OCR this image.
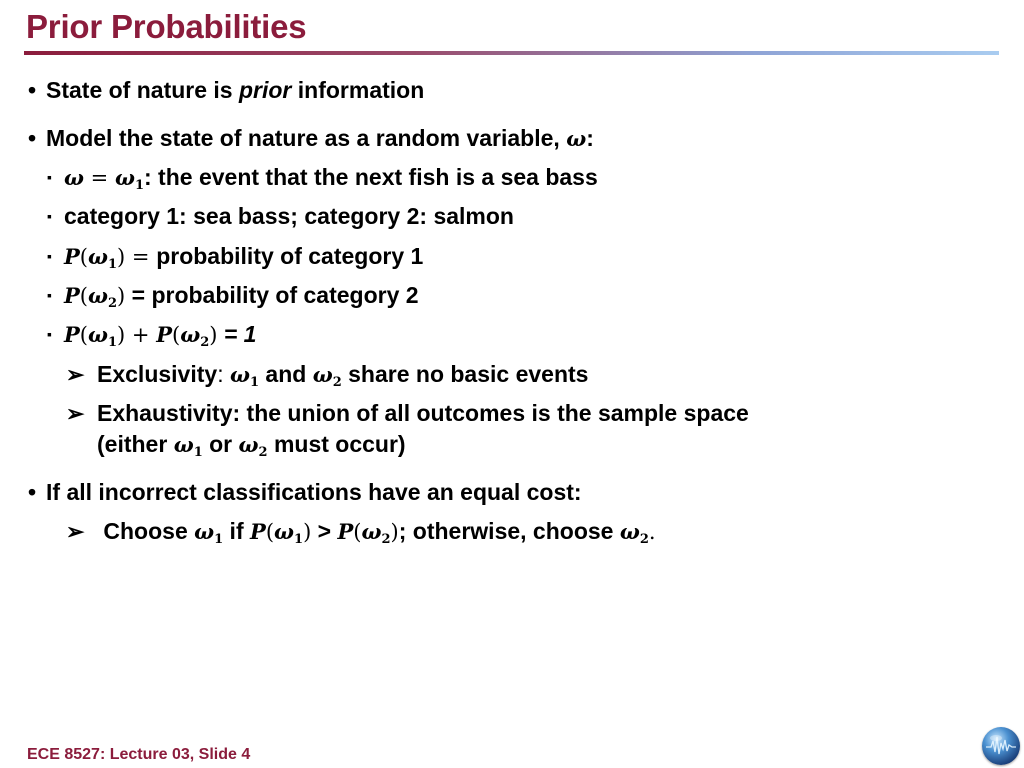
Prior Probabilities
• State of nature is prior information
• Model the state of nature as a random variable, ω:
▪ $\omega = \omega_1$: the event that the next fish is a sea bass
▪ category 1: sea bass; category 2: salmon
▪ $P(\omega_1)$ = probability of category 1
▪ $P(\omega_2)$ = probability of category 2
▪ $P(\omega_1) + P(\omega_2) = 1$
➢ Exclusivity: $\omega_1$ and $\omega_2$ share no basic events
➢ Exhaustivity: the union of all outcomes is the sample space
(either $\omega_1$ or $\omega_2$ must occur)
• If all incorrect classifications have an equal cost:
➢ Choose $\omega_1$ if $P(\omega_1) > P(\omega_2)$; otherwise, choose $\omega_2$.
ECE 8527: Lecture 03, Slide 4
